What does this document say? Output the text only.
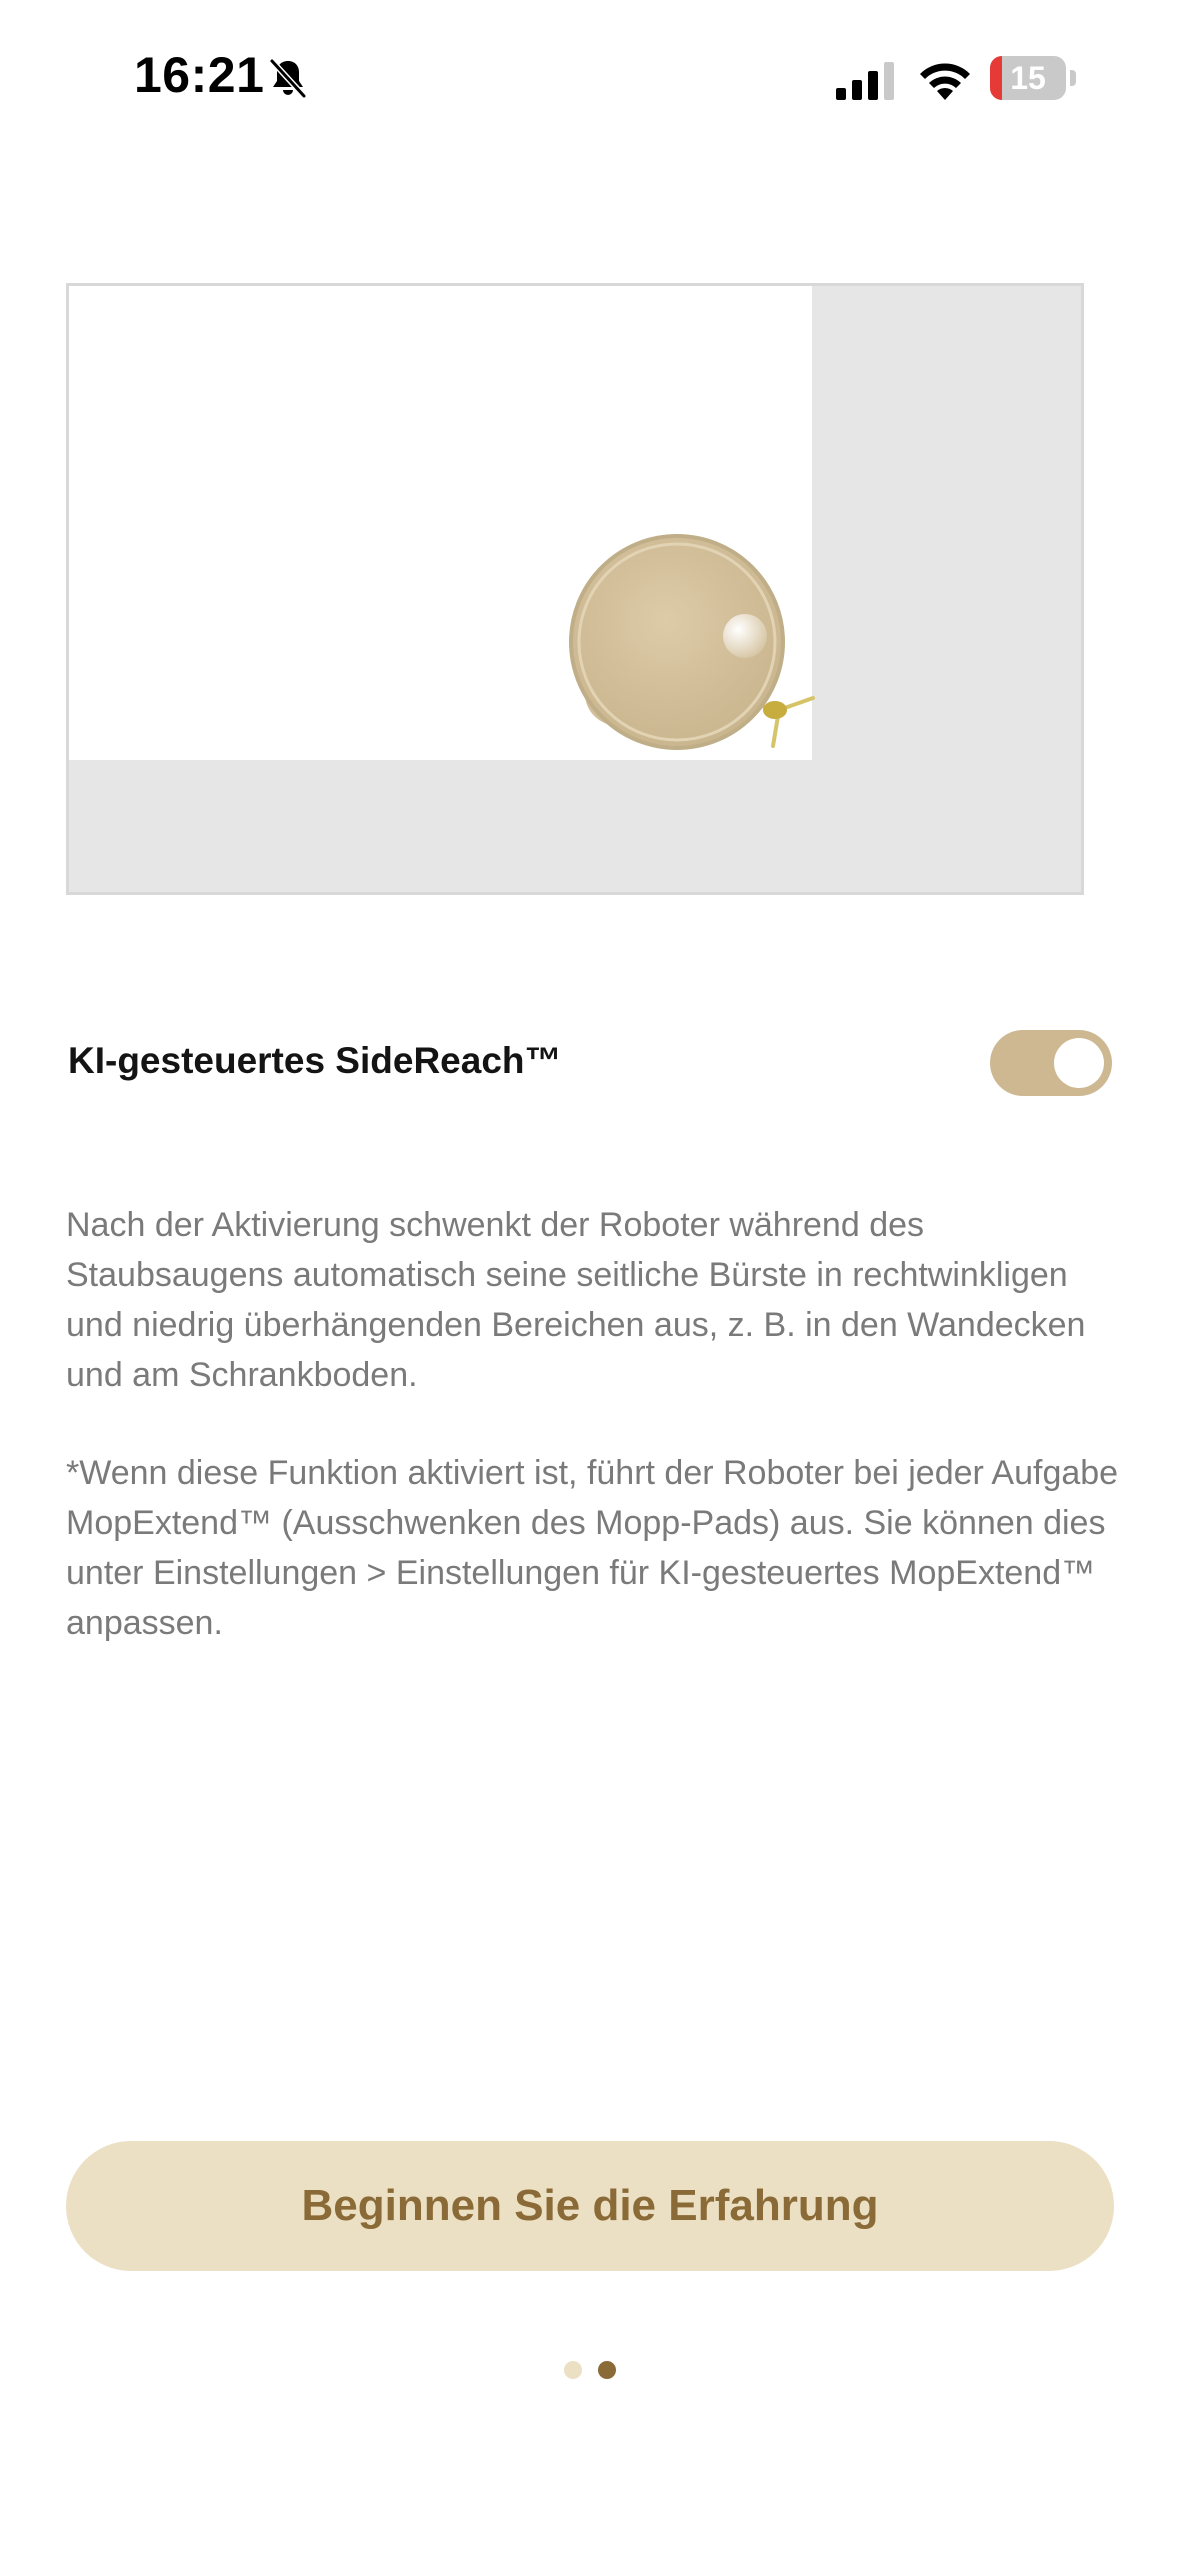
16:21	15
KI-gesteuertes SideReach™

Nach der Aktivierung schwenkt der Roboter während des Staubsaugens automatisch seine seitliche Bürste in rechtwinkligen und niedrig überhängenden Bereichen aus, z. B. in den Wandecken und am Schrankboden.

*Wenn diese Funktion aktiviert ist, führt der Roboter bei jeder Aufgabe MopExtend™ (Ausschwenken des Mopp-Pads) aus. Sie können dies unter Einstellungen > Einstellungen für KI-gesteuertes MopExtend™ anpassen.

Beginnen Sie die Erfahrung
